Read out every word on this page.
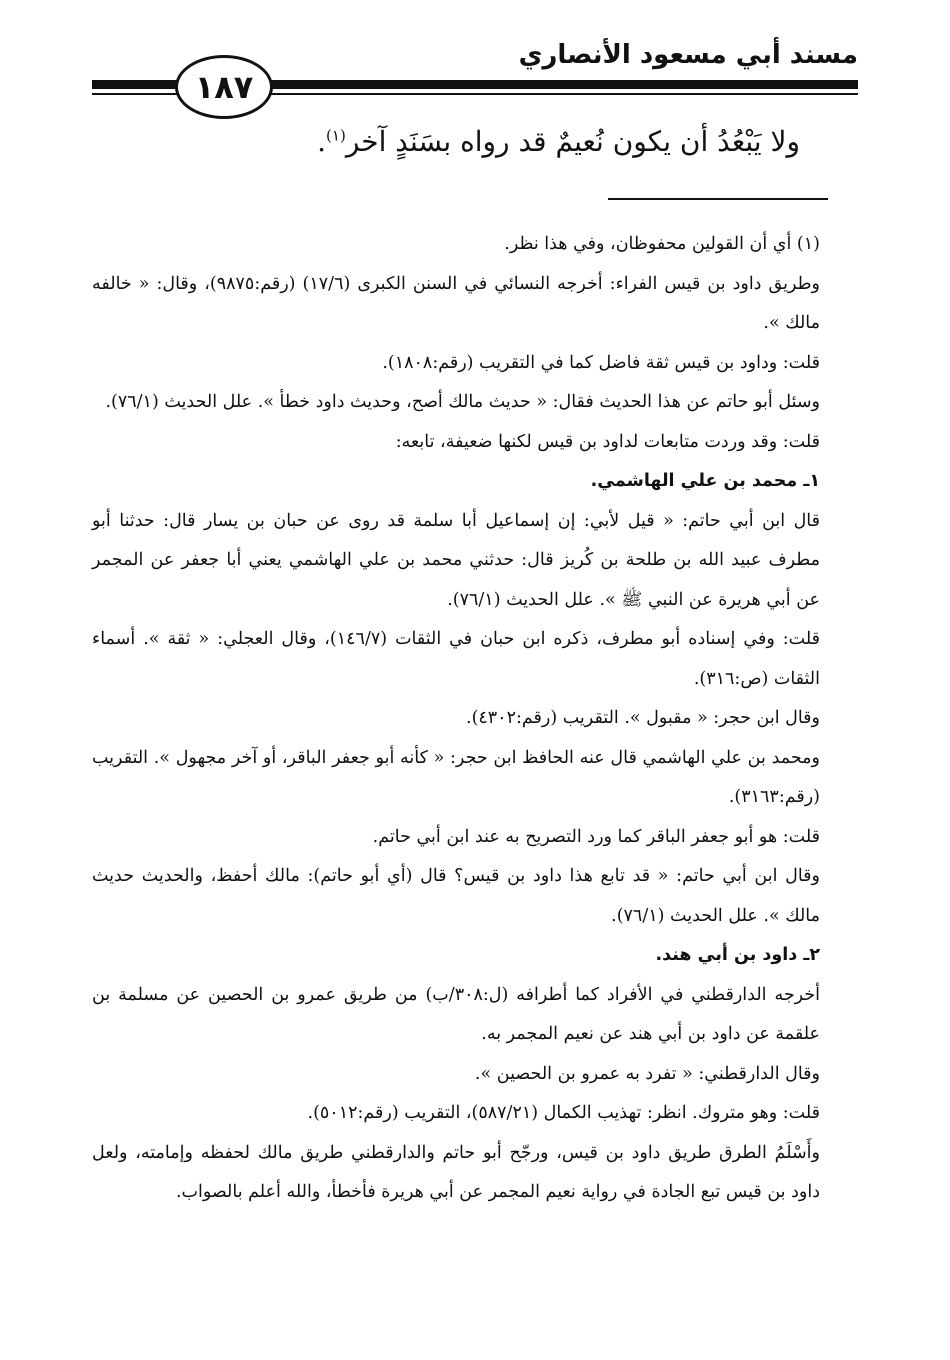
مسند أبي مسعود الأنصاري
١٨٧
ولا يَبْعُدُ أن يكون نُعيمٌ قد رواه بسَنَدٍ آخر$^{(١)}$.

(١) أي أن القولين محفوظان، وفي هذا نظر.

وطريق داود بن قيس الفراء: أخرجه النسائي في السنن الكبرى (١٧/٦) (رقم:٩٨٧٥)، وقال: « خالفه مالك ».

قلت: وداود بن قيس ثقة فاضل كما في التقريب (رقم:١٨٠٨).

وسئل أبو حاتم عن هذا الحديث فقال: « حديث مالك أصح، وحديث داود خطأ ». علل الحديث (٧٦/١).

قلت: وقد وردت متابعات لداود بن قيس لكنها ضعيفة، تابعه:

١ـ محمد بن علي الهاشمي.

قال ابن أبي حاتم: « قيل لأبي: إن إسماعيل أبا سلمة قد روى عن حبان بن يسار قال: حدثنا أبو مطرف عبيد الله بن طلحة بن كُريز قال: حدثني محمد بن علي الهاشمي يعني أبا جعفر عن المجمر عن أبي هريرة عن النبي ﷺ ». علل الحديث (٧٦/١).

قلت: وفي إسناده أبو مطرف، ذكره ابن حبان في الثقات (١٤٦/٧)، وقال العجلي: « ثقة ». أسماء الثقات (ص:٣١٦).

وقال ابن حجر: « مقبول ». التقريب (رقم:٤٣٠٢).

ومحمد بن علي الهاشمي قال عنه الحافظ ابن حجر: « كأنه أبو جعفر الباقر، أو آخر مجهول ». التقريب (رقم:٣١٦٣).

قلت: هو أبو جعفر الباقر كما ورد التصريح به عند ابن أبي حاتم.

وقال ابن أبي حاتم: « قد تابع هذا داود بن قيس؟ قال (أي أبو حاتم): مالك أحفظ، والحديث حديث مالك ». علل الحديث (٧٦/١).

٢ـ داود بن أبي هند.

أخرجه الدارقطني في الأفراد كما أطرافه (ل:٣٠٨/ب) من طريق عمرو بن الحصين عن مسلمة بن علقمة عن داود بن أبي هند عن نعيم المجمر به.

وقال الدارقطني: « تفرد به عمرو بن الحصين ».

قلت: وهو متروك. انظر: تهذيب الكمال (٥٨٧/٢١)، التقريب (رقم:٥٠١٢).

وأَسْلَمُ الطرق طريق داود بن قيس، ورجّح أبو حاتم والدارقطني طريق مالك لحفظه وإمامته، ولعل داود بن قيس تبع الجادة في رواية نعيم المجمر عن أبي هريرة فأخطأ، والله أعلم بالصواب.
